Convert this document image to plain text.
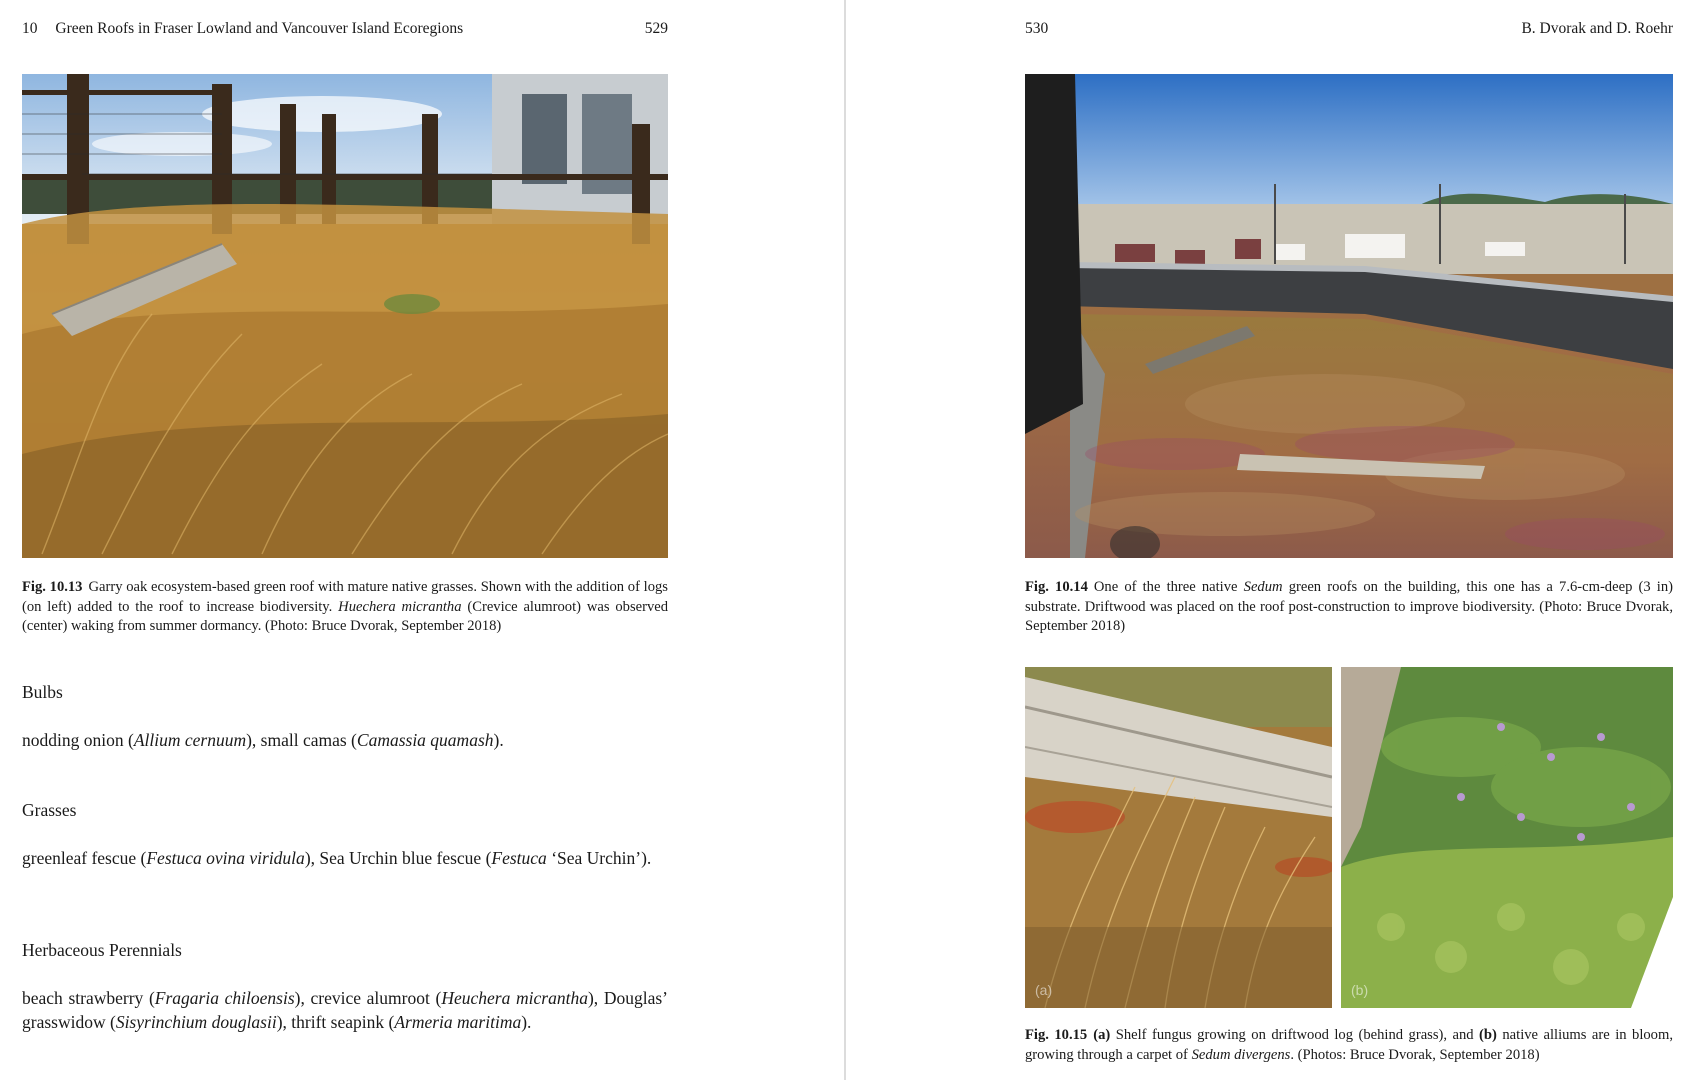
10 Green Roofs in Fraser Lowland and Vancouver Island Ecoregions	529
Fig. 10.13 Garry oak ecosystem-based green roof with mature native grasses. Shown with the addition of logs (on left) added to the roof to increase biodiversity. Huechera micrantha (Crevice alumroot) was observed (center) waking from summer dormancy. (Photo: Bruce Dvorak, September 2018)
Bulbs
nodding onion (Allium cernuum), small camas (Camassia quamash).
Grasses
greenleaf fescue (Festuca ovina viridula), Sea Urchin blue fescue (Festuca ‘Sea Urchin’).
Herbaceous Perennials
beach strawberry (Fragaria chiloensis), crevice alumroot (Heuchera micrantha), Douglas’ grasswidow (Sisyrinchium douglasii), thrift seapink (Armeria maritima).
530	B. Dvorak and D. Roehr
Fig. 10.14 One of the three native Sedum green roofs on the building, this one has a 7.6-cm-deep (3 in) substrate. Driftwood was placed on the roof post-construction to improve biodiversity. (Photo: Bruce Dvorak, September 2018)
(a)	(b)
Fig. 10.15 (a) Shelf fungus growing on driftwood log (behind grass), and (b) native alliums are in bloom, growing through a carpet of Sedum divergens. (Photos: Bruce Dvorak, September 2018)
